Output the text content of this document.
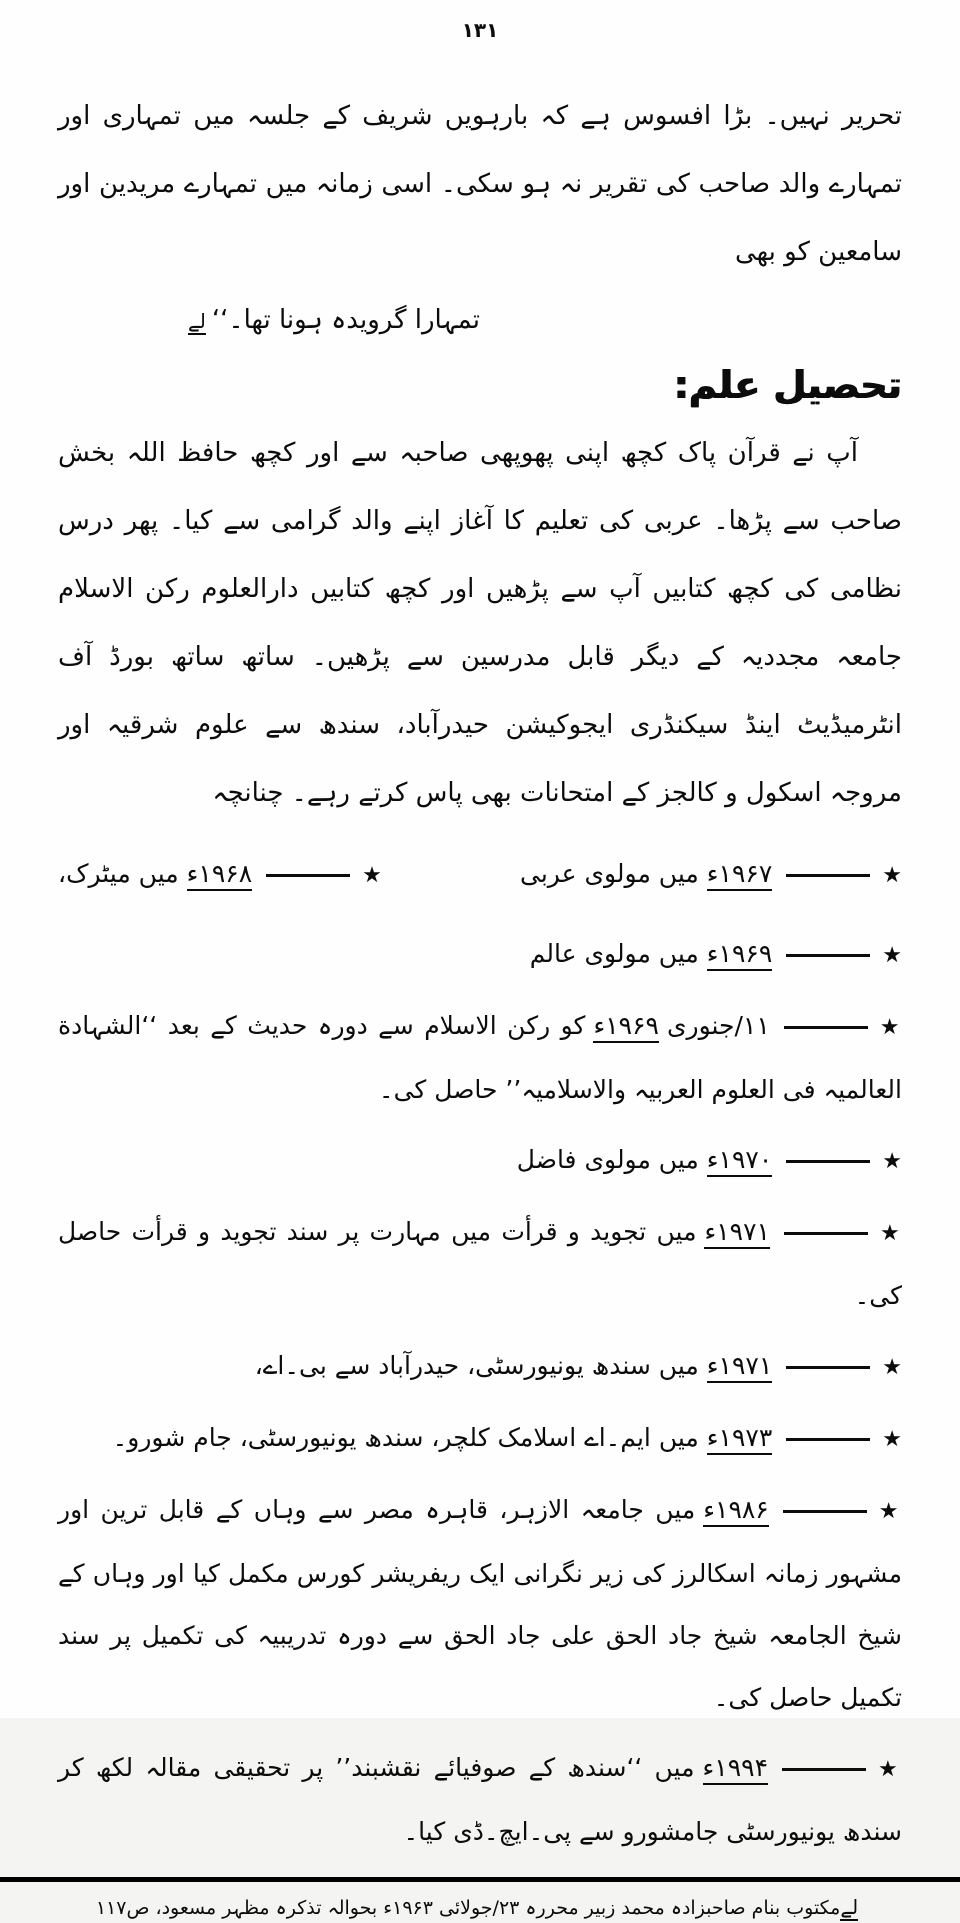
۱۳۱
تحریر نہیں۔ بڑا افسوس ہے کہ بارہویں شریف کے جلسہ میں تمہاری اور تمہارے والد صاحب کی تقریر نہ ہو سکی۔ اسی زمانہ میں تمہارے مریدین اور سامعین کو بھی
تمہارا گرویدہ ہونا تھا۔‘‘لے
تحصیل علم:
آپ نے قرآن پاک کچھ اپنی پھوپھی صاحبہ سے اور کچھ حافظ اللہ بخش صاحب سے پڑھا۔ عربی کی تعلیم کا آغاز اپنے والد گرامی سے کیا۔ پھر درس نظامی کی کچھ کتابیں آپ سے پڑھیں اور کچھ کتابیں دارالعلوم رکن الاسلام جامعہ مجددیہ کے دیگر قابل مدرسین سے پڑھیں۔ ساتھ ساتھ بورڈ آف انٹرمیڈیٹ اینڈ سیکنڈری ایجوکیشن حیدرآباد، سندھ سے علوم شرقیہ اور مروجہ اسکول و کالجز کے امتحانات بھی پاس کرتے رہے۔ چنانچہ
★۱۹۶۷ءمیں مولوی عربی
★۱۹۶۸ءمیں میٹرک،
★۱۹۶۹ءمیں مولوی عالم
★۱۱/جنوری۱۹۶۹ءکو رکن الاسلام سے دورہ حدیث کے بعد ‘‘الشہادة العالمیہ فی العلوم العربیہ والاسلامیہ’’ حاصل کی۔
★۱۹۷۰ءمیں مولوی فاضل
★۱۹۷۱ءمیں تجوید و قرأت میں مہارت پر سند تجوید و قرأت حاصل کی۔
★۱۹۷۱ءمیں سندھ یونیورسٹی، حیدرآباد سے بی۔اے،
★۱۹۷۳ءمیں ایم۔اے اسلامک کلچر، سندھ یونیورسٹی، جام شورو۔
★۱۹۸۶ءمیں جامعہ الازہر، قاہرہ مصر سے وہاں کے قابل ترین اور مشہور زمانہ اسکالرز کی زیر نگرانی ایک ریفریشر کورس مکمل کیا اور وہاں کے شیخ الجامعہ شیخ جاد الحق علی جاد الحق سے دورہ تدریبیہ کی تکمیل پر سند تکمیل حاصل کی۔
★۱۹۹۴ءمیں ‘‘سندھ کے صوفیائے نقشبند’’ پر تحقیقی مقالہ لکھ کر سندھ یونیورسٹی جامشورو سے پی۔ایچ۔ڈی کیا۔
لےمکتوب بنام صاحبزادہ محمد زبیر محررہ ۲۳/جولائی ۱۹۶۳ء بحوالہ تذکرہ مظہر مسعود، ص۱۱۷
